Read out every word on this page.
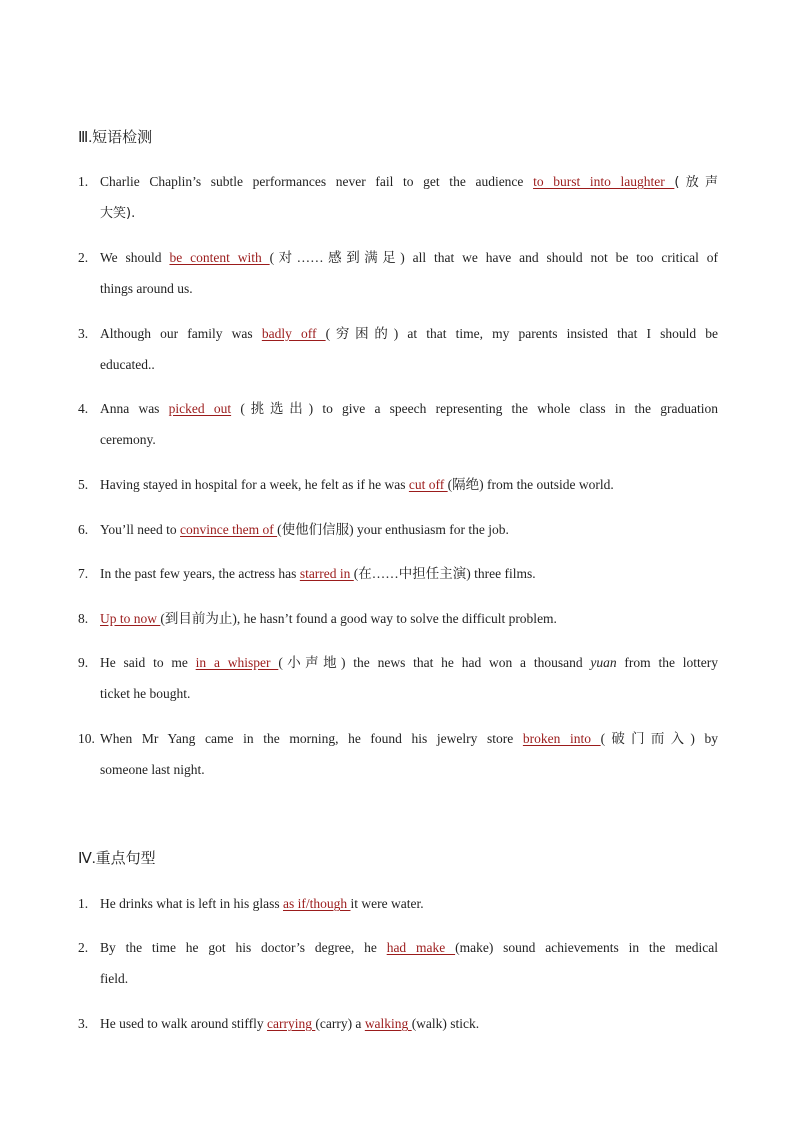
Ⅲ.短语检测
1. Charlie Chaplin’s subtle performances never fail to get the audience to burst into laughter (放声
大笑).
2. We should be content with (对……感到满足) all that we have and should not be too critical of
things around us.
3. Although our family was badly off (穷困的) at that time, my parents insisted that I should be
educated..
4. Anna was picked out (挑选出) to give a speech representing the whole class in the graduation
ceremony.
5. Having stayed in hospital for a week, he felt as if he was cut off (隔绝) from the outside world.
6. You’ll need to convince them of (使他们信服) your enthusiasm for the job.
7. In the past few years, the actress has starred in (在……中担任主演) three films.
8. Up to now (到目前为止), he hasn’t found a good way to solve the difficult problem.
9. He said to me in a whisper (小声地) the news that he had won a thousand yuan from the lottery
ticket he bought.
10. When Mr Yang came in the morning, he found his jewelry store broken into (破门而入) by
someone last night.
Ⅳ.重点句型
1. He drinks what is left in his glass as if/though it were water.
2. By the time he got his doctor’s degree, he had make (make) sound achievements in the medical
field.
3. He used to walk around stiffly carrying (carry) a walking (walk) stick.
